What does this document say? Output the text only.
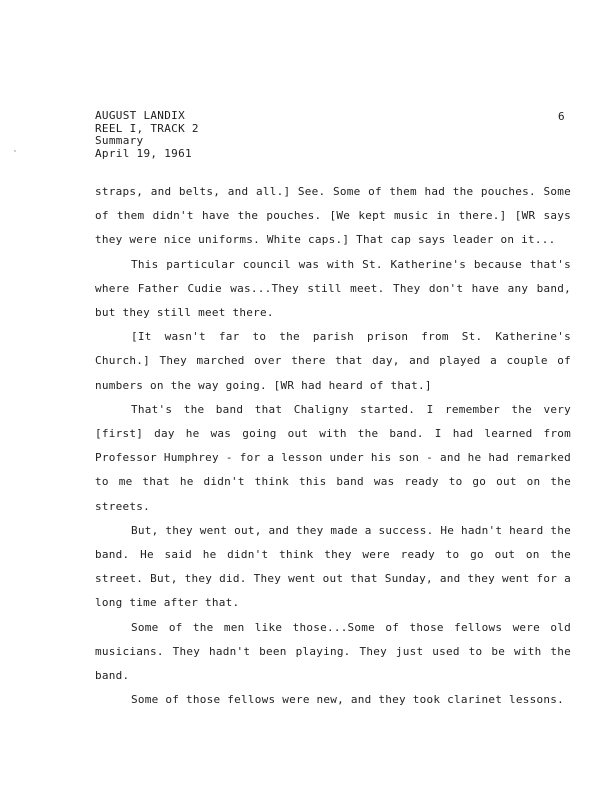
AUGUST LANDIX
REEL I, TRACK 2
Summary
April 19, 1961
6

straps, and belts, and all.] See. Some of them had the pouches. Some of them didn't have the pouches. [We kept music in there.] [WR says they were nice uniforms. White caps.] That cap says leader on it...

This particular council was with St. Katherine's because that's where Father Cudie was...They still meet. They don't have any band, but they still meet there.

[It wasn't far to the parish prison from St. Katherine's Church.] They marched over there that day, and played a couple of numbers on the way going. [WR had heard of that.]

That's the band that Chaligny started. I remember the very [first] day he was going out with the band. I had learned from Professor Humphrey - for a lesson under his son - and he had remarked to me that he didn't think this band was ready to go out on the streets.

But, they went out, and they made a success. He hadn't heard the band. He said he didn't think they were ready to go out on the street. But, they did. They went out that Sunday, and they went for a long time after that.

Some of the men like those...Some of those fellows were old musicians. They hadn't been playing. They just used to be with the band.

Some of those fellows were new, and they took clarinet lessons.
